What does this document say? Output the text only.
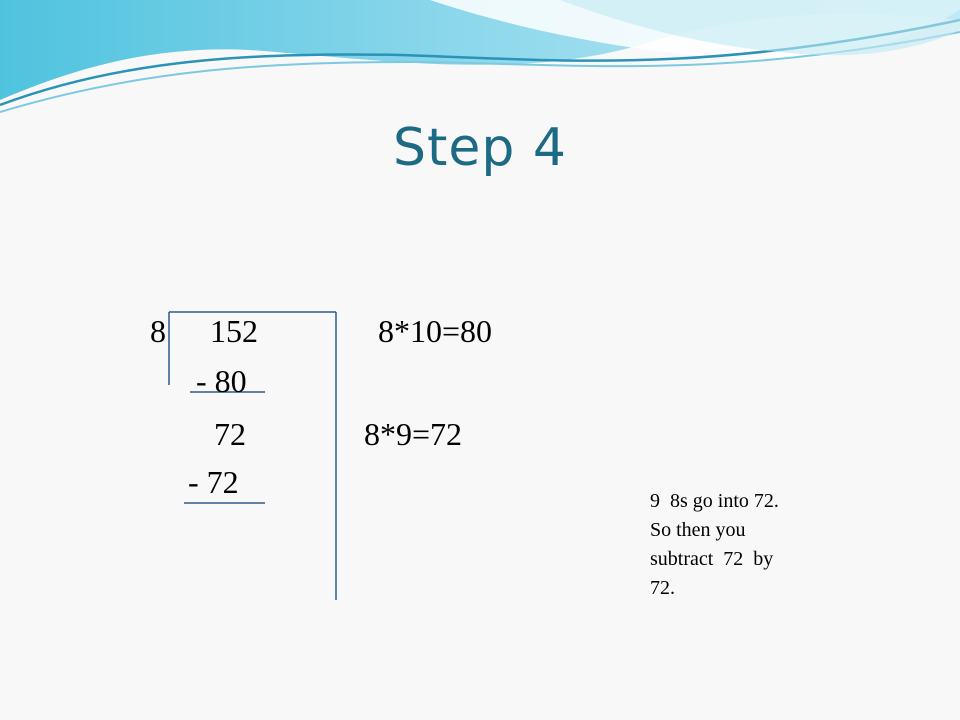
Step 4
8 152	8*10=80
- 80
72	8*9=72
- 72
9  8s go into 72.
So then you
subtract  72  by
72.
